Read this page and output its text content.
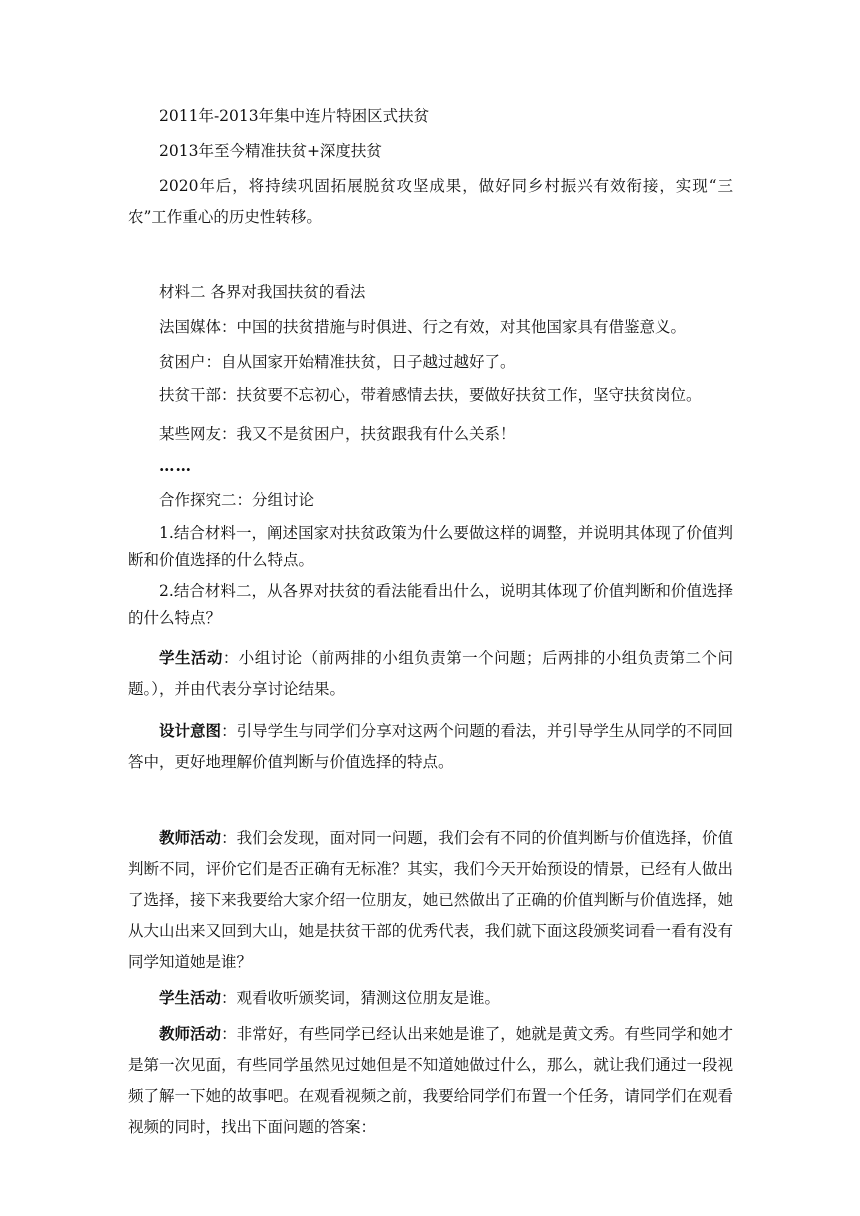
2011年-2013年集中连片特困区式扶贫

2013年至今精准扶贫+深度扶贫

2020年后，将持续巩固拓展脱贫攻坚成果，做好同乡村振兴有效衔接，实现“三农”工作重心的历史性转移。

材料二 各界对我国扶贫的看法

法国媒体：中国的扶贫措施与时俱进、行之有效，对其他国家具有借鉴意义。

贫困户：自从国家开始精准扶贫，日子越过越好了。

扶贫干部：扶贫要不忘初心，带着感情去扶，要做好扶贫工作，坚守扶贫岗位。

某些网友：我又不是贫困户，扶贫跟我有什么关系！

……

合作探究二：分组讨论

1.结合材料一，阐述国家对扶贫政策为什么要做这样的调整，并说明其体现了价值判断和价值选择的什么特点。

2.结合材料二，从各界对扶贫的看法能看出什么，说明其体现了价值判断和价值选择的什么特点？

学生活动：小组讨论（前两排的小组负责第一个问题；后两排的小组负责第二个问题。），并由代表分享讨论结果。

设计意图：引导学生与同学们分享对这两个问题的看法，并引导学生从同学的不同回答中，更好地理解价值判断与价值选择的特点。

教师活动：我们会发现，面对同一问题，我们会有不同的价值判断与价值选择，价值判断不同，评价它们是否正确有无标准？其实，我们今天开始预设的情景，已经有人做出了选择，接下来我要给大家介绍一位朋友，她已然做出了正确的价值判断与价值选择，她从大山出来又回到大山，她是扶贫干部的优秀代表，我们就下面这段颁奖词看一看有没有同学知道她是谁？

学生活动：观看收听颁奖词，猜测这位朋友是谁。

教师活动：非常好，有些同学已经认出来她是谁了，她就是黄文秀。有些同学和她才是第一次见面，有些同学虽然见过她但是不知道她做过什么，那么，就让我们通过一段视频了解一下她的故事吧。在观看视频之前，我要给同学们布置一个任务，请同学们在观看视频的同时，找出下面问题的答案：
